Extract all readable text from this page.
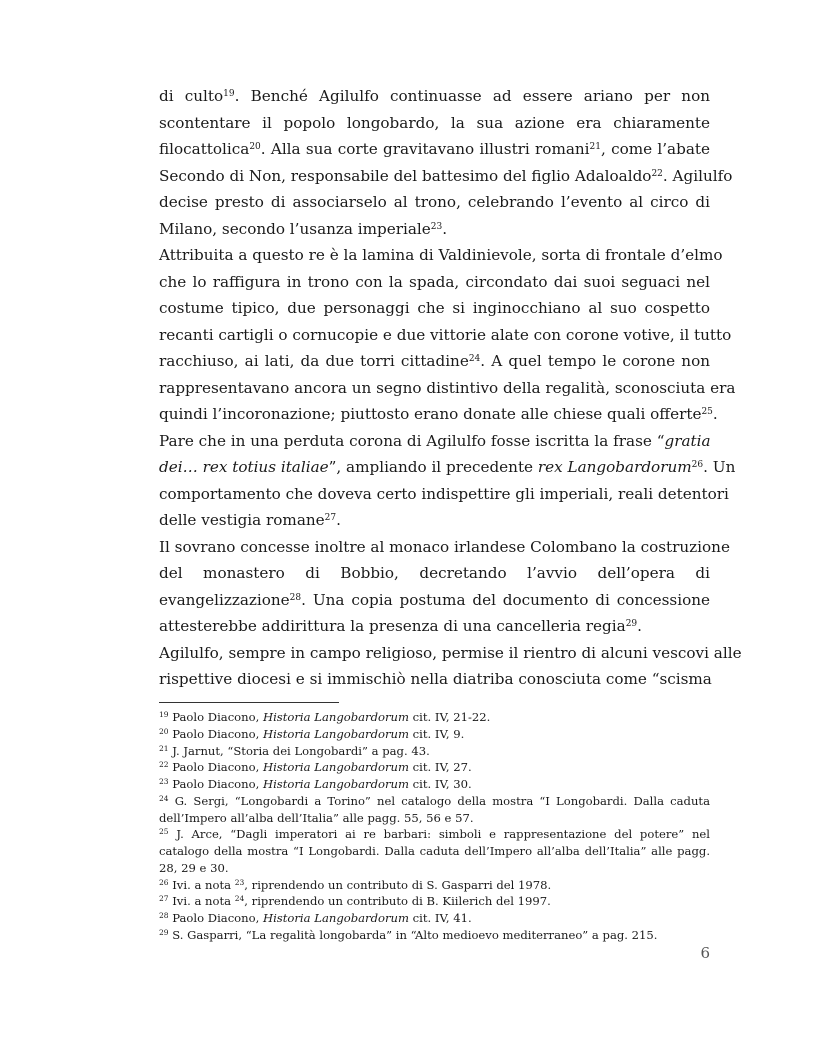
di culto$^{19}$. Benché Agilulfo continuasse ad essere ariano per non
scontentare il popolo longobardo, la sua azione era chiaramente
filocattolica$^{20}$. Alla sua corte gravitavano illustri romani$^{21}$, come l’abate
Secondo di Non, responsabile del battesimo del figlio Adaloaldo$^{22}$. Agilulfo
decise presto di associarselo al trono, celebrando l’evento al circo di
Milano, secondo l’usanza imperiale$^{23}$.
Attribuita a questo re è la lamina di Valdinievole, sorta di frontale d’elmo
che lo raffigura in trono con la spada, circondato dai suoi seguaci nel
costume tipico, due personaggi che si inginocchiano al suo cospetto
recanti cartigli o cornucopie e due vittorie alate con corone votive, il tutto
racchiuso, ai lati, da due torri cittadine$^{24}$. A quel tempo le corone non
rappresentavano ancora un segno distintivo della regalità, sconosciuta era
quindi l’incoronazione; piuttosto erano donate alle chiese quali offerte$^{25}$.
Pare che in una perduta corona di Agilulfo fosse iscritta la frase “gratia
dei… rex totius italiae”, ampliando il precedente rex Langobardorum$^{26}$. Un
comportamento che doveva certo indispettire gli imperiali, reali detentori
delle vestigia romane$^{27}$.
Il sovrano concesse inoltre al monaco irlandese Colombano la costruzione
del monastero di Bobbio, decretando l’avvio dell’opera di
evangelizzazione$^{28}$. Una copia postuma del documento di concessione
attesterebbe addirittura la presenza di una cancelleria regia$^{29}$.
Agilulfo, sempre in campo religioso, permise il rientro di alcuni vescovi alle
rispettive diocesi e si immischiò nella diatriba conosciuta come “scisma
$^{19}$ Paolo Diacono, Historia Langobardorum cit. IV, 21-22.
$^{20}$ Paolo Diacono, Historia Langobardorum cit. IV, 9.
$^{21}$ J. Jarnut, “Storia dei Longobardi” a pag. 43.
$^{22}$ Paolo Diacono, Historia Langobardorum cit. IV, 27.
$^{23}$ Paolo Diacono, Historia Langobardorum cit. IV, 30.
$^{24}$ G. Sergi, “Longobardi a Torino” nel catalogo della mostra “I Longobardi. Dalla caduta
dell’Impero all’alba dell’Italia” alle pagg. 55, 56 e 57.
$^{25}$ J. Arce, “Dagli imperatori ai re barbari: simboli e rappresentazione del potere” nel
catalogo della mostra “I Longobardi. Dalla caduta dell’Impero all’alba dell’Italia” alle pagg.
28, 29 e 30.
$^{26}$ Ivi. a nota $^{23}$, riprendendo un contributo di S. Gasparri del 1978.
$^{27}$ Ivi. a nota $^{24}$, riprendendo un contributo di B. Kiilerich del 1997.
$^{28}$ Paolo Diacono, Historia Langobardorum cit. IV, 41.
$^{29}$ S. Gasparri, “La regalità longobarda” in “Alto medioevo mediterraneo” a pag. 215.
6
